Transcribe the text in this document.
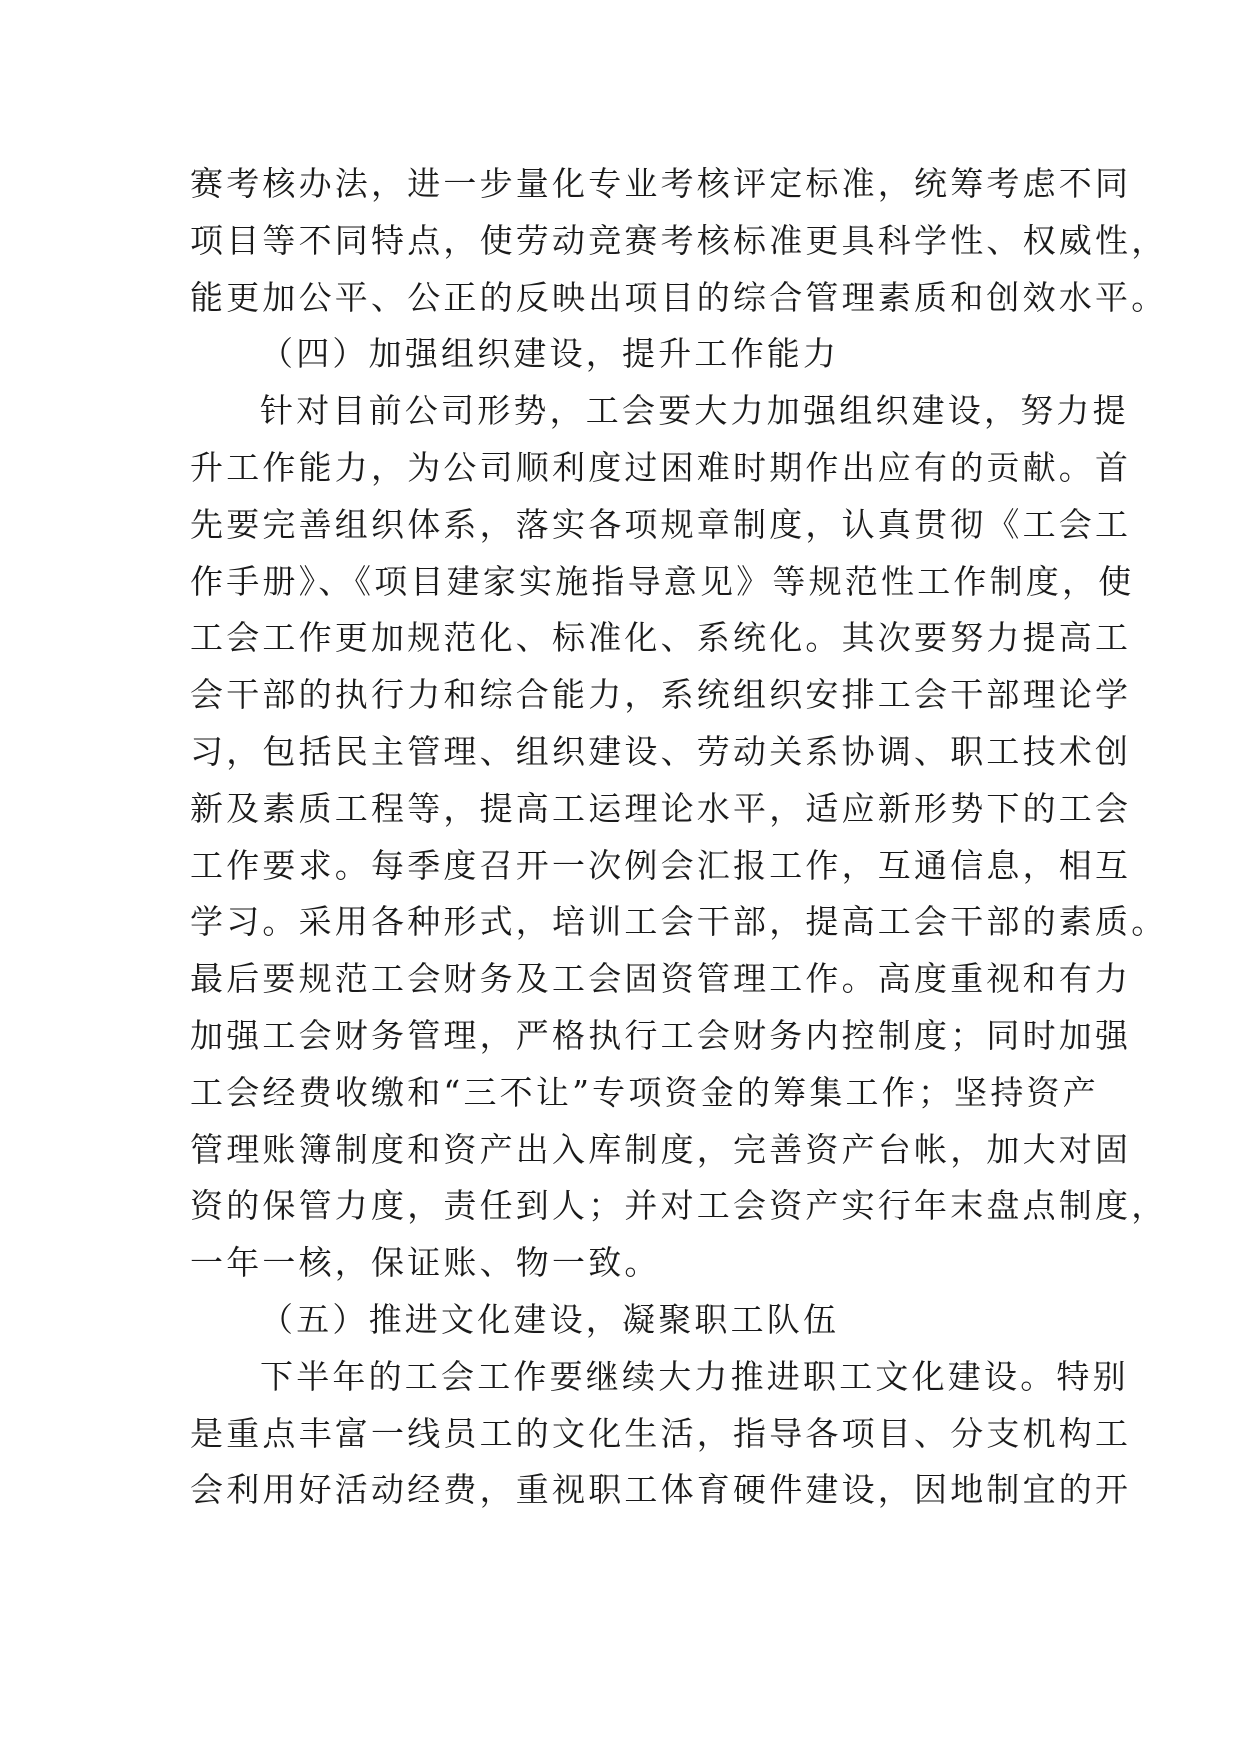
赛考核办法，进一步量化专业考核评定标准，统筹考虑不同
项目等不同特点，使劳动竞赛考核标准更具科学性、权威性，
能更加公平、公正的反映出项目的综合管理素质和创效水平。
（四）加强组织建设，提升工作能力
针对目前公司形势，工会要大力加强组织建设，努力提
升工作能力，为公司顺利度过困难时期作出应有的贡献。首
先要完善组织体系，落实各项规章制度，认真贯彻《工会工
作手册》、《项目建家实施指导意见》等规范性工作制度，使
工会工作更加规范化、标准化、系统化。其次要努力提高工
会干部的执行力和综合能力，系统组织安排工会干部理论学
习，包括民主管理、组织建设、劳动关系协调、职工技术创
新及素质工程等，提高工运理论水平，适应新形势下的工会
工作要求。每季度召开一次例会汇报工作，互通信息，相互
学习。采用各种形式，培训工会干部，提高工会干部的素质。
最后要规范工会财务及工会固资管理工作。高度重视和有力
加强工会财务管理，严格执行工会财务内控制度；同时加强
工会经费收缴和“三不让”专项资金的筹集工作；坚持资产
管理账簿制度和资产出入库制度，完善资产台帐，加大对固
资的保管力度，责任到人；并对工会资产实行年末盘点制度，
一年一核，保证账、物一致。
（五）推进文化建设，凝聚职工队伍
下半年的工会工作要继续大力推进职工文化建设。特别
是重点丰富一线员工的文化生活，指导各项目、分支机构工
会利用好活动经费，重视职工体育硬件建设，因地制宜的开
